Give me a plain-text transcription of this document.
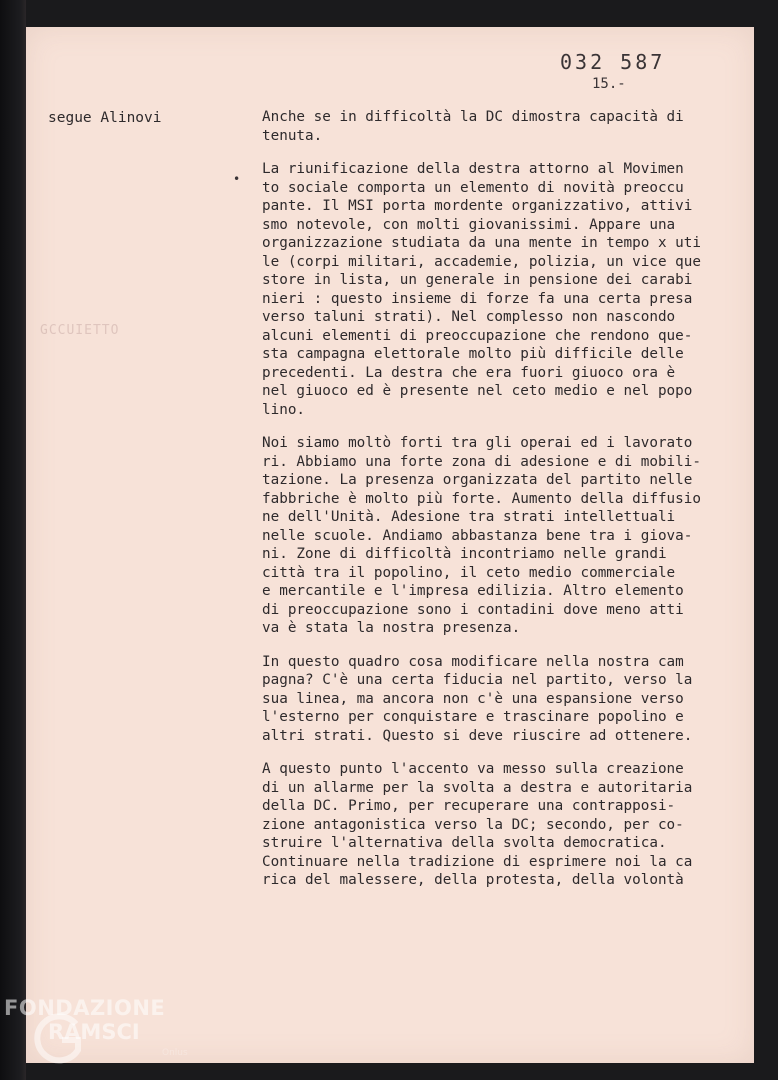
032 587
15.-
segue Alinovi
GCCUIETTO
•
Anche se in difficoltà la DC dimostra capacità di
tenuta.
La riunificazione della destra attorno al Movimen
to sociale comporta un elemento di novità preoccu
pante. Il MSI porta mordente organizzativo, attivi
smo notevole, con molti giovanissimi. Appare una
organizzazione studiata da una mente in tempo x uti
le (corpi militari, accademie, polizia, un vice que
store in lista, un generale in pensione dei carabi
nieri : questo insieme di forze fa una certa presa
verso taluni strati). Nel complesso non nascondo
alcuni elementi di preoccupazione che rendono que-
sta campagna elettorale molto più difficile delle
precedenti. La destra che era fuori giuoco ora è
nel giuoco ed è presente nel ceto medio e nel popo
lino.
Noi siamo moltò forti tra gli operai ed i lavorato
ri. Abbiamo una forte zona di adesione e di mobili-
tazione. La presenza organizzata del partito nelle
fabbriche è molto più forte. Aumento della diffusio
ne dell'Unità. Adesione tra strati intellettuali
nelle scuole. Andiamo abbastanza bene tra i giova-
ni. Zone di difficoltà incontriamo nelle grandi
città tra il popolino, il ceto medio commerciale
e mercantile e l'impresa edilizia. Altro elemento
di preoccupazione sono i contadini dove meno atti
va è stata la nostra presenza.
In questo quadro cosa modificare nella nostra cam
pagna? C'è una certa fiducia nel partito, verso la
sua linea, ma ancora non c'è una espansione verso
l'esterno per conquistare e trascinare popolino e
altri strati. Questo si deve riuscire ad ottenere.
A questo punto l'accento va messo sulla creazione
di un allarme per la svolta a destra e autoritaria
della DC. Primo, per recuperare una contrapposi-
zione antagonistica verso la DC; secondo, per co-
struire l'alternativa della svolta democratica.
Continuare nella tradizione di esprimere noi la ca
rica del malessere, della protesta, della volontà
FONDAZIONE
RAMSCI
Onlus
